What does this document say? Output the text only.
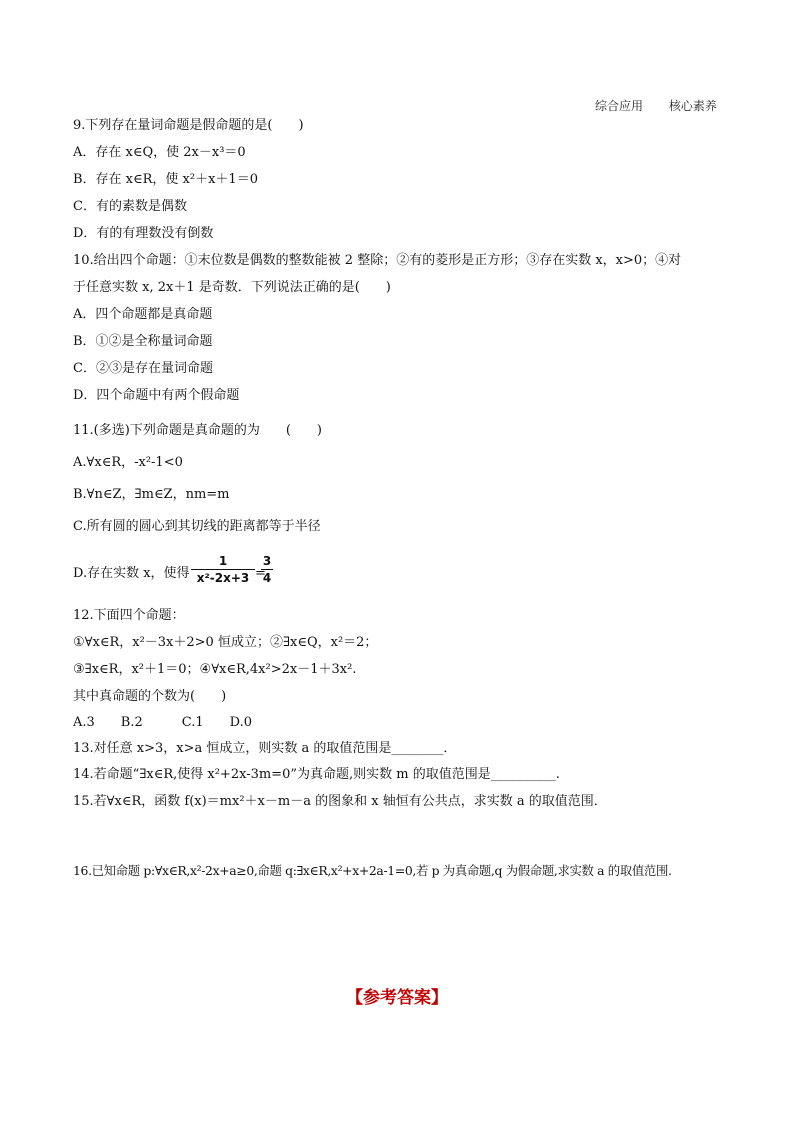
综合应用 核心素养
9.下列存在量词命题是假命题的是(　　)
A．存在 x∈Q，使 2x－x³＝0
B．存在 x∈R，使 x²＋x＋1＝0
C．有的素数是偶数
D．有的有理数没有倒数
10.给出四个命题：①末位数是偶数的整数能被 2 整除；②有的菱形是正方形；③存在实数 x，x>0；④对
于任意实数 x, 2x＋1 是奇数．下列说法正确的是(　　)
A．四个命题都是真命题
B．①②是全称量词命题
C．②③是存在量词命题
D．四个命题中有两个假命题
11.(多选)下列命题是真命题的为　　(　　)
A.∀x∈R，-x²-1<0
B.∀n∈Z，∃m∈Z，nm=m
C.所有圆的圆心到其切线的距离都等于半径
D.存在实数 x，使得
1
x²-2x+3 =
3
4
12.下面四个命题：
①∀x∈R，x²－3x＋2>0 恒成立；②∃x∈Q，x²＝2；
③∃x∈R，x²＋1＝0；④∀x∈R,4x²>2x－1＋3x².
其中真命题的个数为(　　)
A.3　　B.2　　　C.1　　D.0
13.对任意 x>3，x>a 恒成立，则实数 a 的取值范围是________．
14.若命题“∃x∈R,使得 x²+2x-3m=0”为真命题,则实数 m 的取值范围是__________.
15.若∀x∈R，函数 f(x)＝mx²＋x－m－a 的图象和 x 轴恒有公共点，求实数 a 的取值范围．
16.已知命题 p:∀x∈R,x²-2x+a≥0,命题 q:∃x∈R,x²+x+2a-1=0,若 p 为真命题,q 为假命题,求实数 a 的取值范围.
【参考答案】
